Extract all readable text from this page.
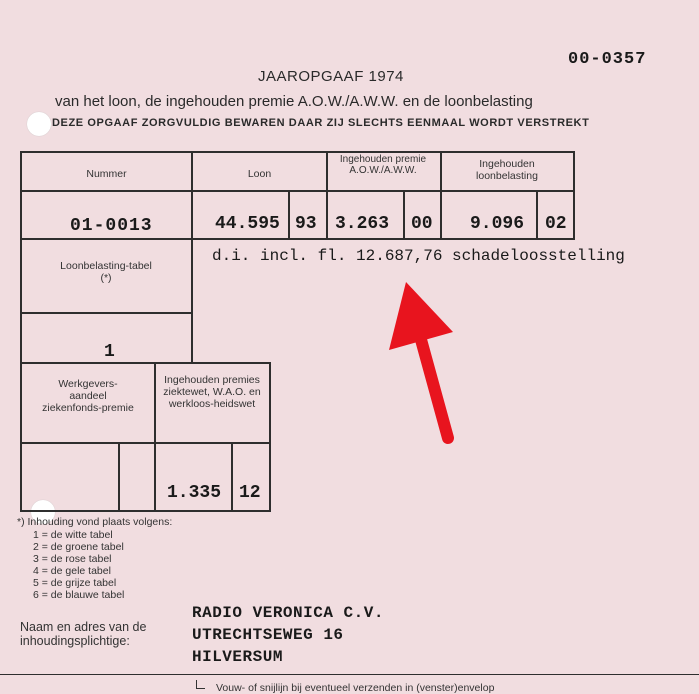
00-0357
JAAROPGAAF 1974
van het loon, de ingehouden premie A.O.W./A.W.W. en de loonbelasting
DEZE OPGAAF ZORGVULDIG BEWAREN DAAR ZIJ SLECHTS EENMAAL WORDT VERSTREKT
Nummer	Loon
Ingehouden premie A.O.W./A.W.W.
Ingehouden loonbelasting
Loonbelasting-tabel (*)
Werkgevers-aandeel ziekenfonds-premie
Ingehouden premies ziektewet, W.A.O. en werkloos-heidswet
01-0013	44.595 93 3.263 00 9.096 02
1
1.335 12
d.i. incl. fl. 12.687,76 schadeloosstelling
*) Inhouding vond plaats volgens:
1 = de witte tabel
2 = de groene tabel
3 = de rose tabel
4 = de gele tabel
5 = de grijze tabel
6 = de blauwe tabel
Naam en adres van de inhoudingsplichtige:
RADIO VERONICA C.V.
UTRECHTSEWEG 16
HILVERSUM
Vouw- of snijlijn bij eventueel verzenden in (venster)envelop
